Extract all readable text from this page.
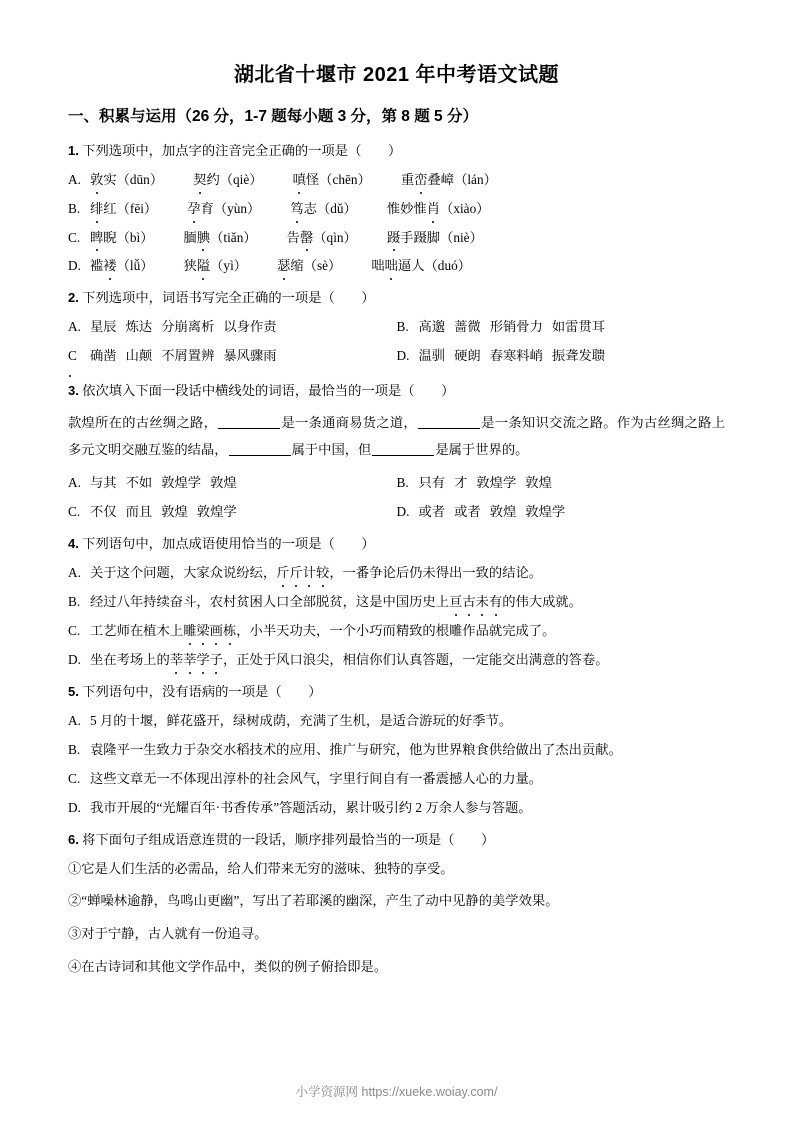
湖北省十堰市 2021 年中考语文试题
一、积累与运用（26 分，1-7 题每小题 3 分，第 8 题 5 分）
1. 下列选项中，加点字的注音完全正确的一项是（　　）
A. 敦实（dūn） 契约（qiè） 嗔怪（chēn） 重峦叠嶂（lán）
B. 绯红（fēi） 孕育（yùn） 笃志（dǔ） 惟妙惟肖（xiào）
C. 睥睨（bì） 腼腆（tiǎn） 告罄（qìn） 蹑手蹑脚（niè）
D. 褴褛（lǚ） 狭隘（yì） 瑟缩（sè） 咄咄逼人（duó）
2. 下列选项中，词语书写完全正确的一项是（　　）
A. 星辰 炼达 分崩离析 以身作责	B. 高邈 蔷微 形销骨力 如雷贯耳
C 确凿 山颠 不屑置辨 暴风骤雨	D. 温驯 硬朗 春寒料峭 振聋发聩
3. 依次填入下面一段话中横线处的词语，最恰当的一项是（　　）
款煌所在的古丝绸之路，	是一条通商易货之道，	是一条知识交流之路。作为古丝绸之路上多元文明交融互鉴的结晶，	属于中国，但	是属于世界的。
A. 与其 不如 敦煌学 敦煌	B. 只有 才 敦煌学 敦煌
C. 不仅 而且 敦煌 敦煌学	D. 或者 或者 敦煌 敦煌学
4. 下列语句中，加点成语使用恰当的一项是（　　）
A. 关于这个问题，大家众说纷纭，斤斤计较，一番争论后仍未得出一致的结论。
B. 经过八年持续奋斗，农村贫困人口全部脱贫，这是中国历史上亘古未有的伟大成就。
C. 工艺师在植木上雕梁画栋，小半天功夫，一个小巧而精致的根雕作品就完成了。
D. 坐在考场上的莘莘学子，正处于风口浪尖，相信你们认真答题，一定能交出满意的答卷。
5. 下列语句中，没有语病的一项是（　　）
A. 5 月的十堰，鲜花盛开，绿树成荫，充满了生机，是适合游玩的好季节。
B. 袁隆平一生致力于杂交水稻技术的应用、推广与研究，他为世界粮食供给做出了杰出贡献。
C. 这些文章无一不体现出淳朴的社会风气，字里行间自有一番震撼人心的力量。
D. 我市开展的“光耀百年·书香传承”答题活动，累计吸引约 2 万余人参与答题。
6. 将下面句子组成语意连贯的一段话，顺序排列最恰当的一项是（　　）
①它是人们生活的必需品，给人们带来无穷的滋味、独特的享受。
②“蝉噪林逾静，鸟鸣山更幽”，写出了若耶溪的幽深，产生了动中见静的美学效果。
③对于宁静，古人就有一份追寻。
④在古诗词和其他文学作品中，类似的例子俯拾即是。
小学资源网 https://xueke.woiay.com/
